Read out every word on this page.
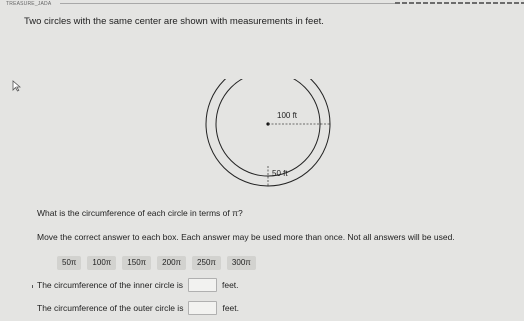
TREASURE_JADA
Two circles with the same center are shown with measurements in feet.
100 ft
50 ft
What is the circumference of each circle in terms of π?
Move the correct answer to each box. Each answer may be used more than once. Not all answers will be used.
50π	100π	150π	200π	250π	300π
The circumference of the inner circle is	feet.
The circumference of the outer circle is	feet.
